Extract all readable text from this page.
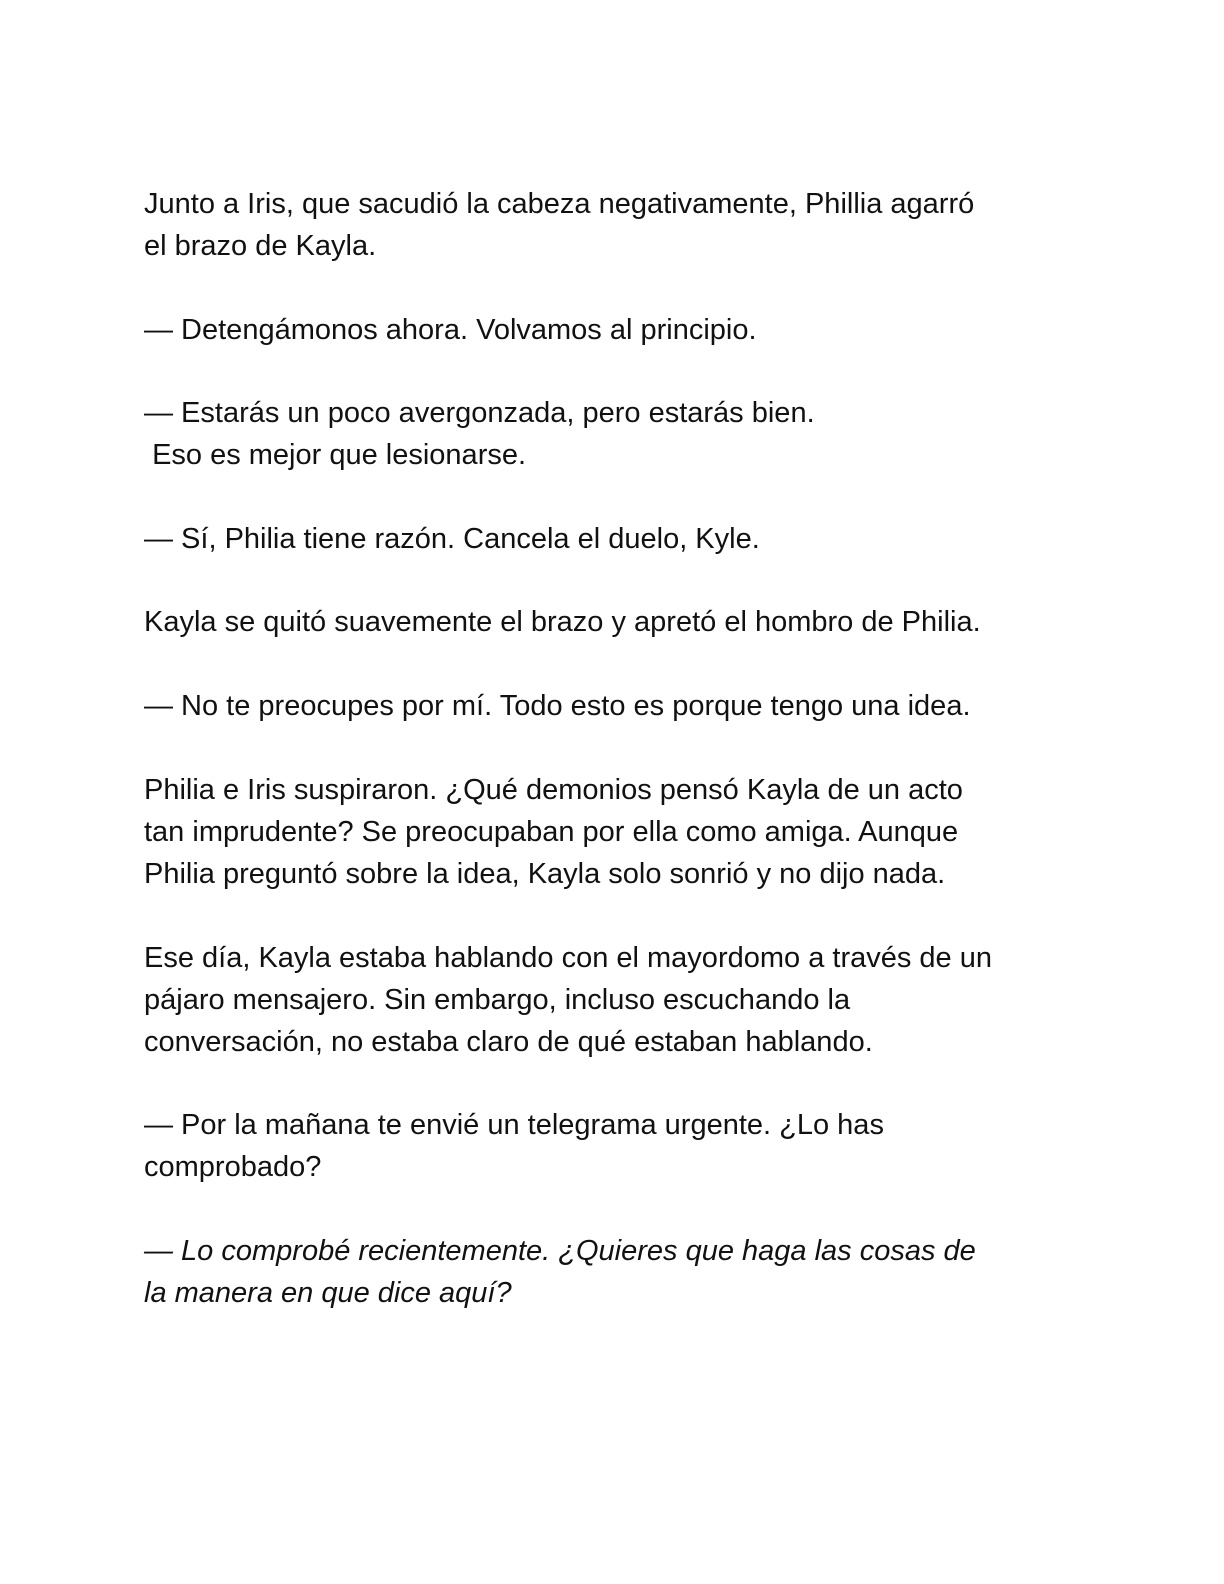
Junto a Iris, que sacudió la cabeza negativamente, Phillia agarró
el brazo de Kayla.

— Detengámonos ahora. Volvamos al principio.

— Estarás un poco avergonzada, pero estarás bien.

Eso es mejor que lesionarse.

— Sí, Philia tiene razón. Cancela el duelo, Kyle.

Kayla se quitó suavemente el brazo y apretó el hombro de Philia.

— No te preocupes por mí. Todo esto es porque tengo una idea.

Philia e Iris suspiraron. ¿Qué demonios pensó Kayla de un acto
tan imprudente? Se preocupaban por ella como amiga. Aunque
Philia preguntó sobre la idea, Kayla solo sonrió y no dijo nada.

Ese día, Kayla estaba hablando con el mayordomo a través de un
pájaro mensajero. Sin embargo, incluso escuchando la
conversación, no estaba claro de qué estaban hablando.

— Por la mañana te envié un telegrama urgente. ¿Lo has
comprobado?

— Lo comprobé recientemente. ¿Quieres que haga las cosas de
la manera en que dice aquí?
